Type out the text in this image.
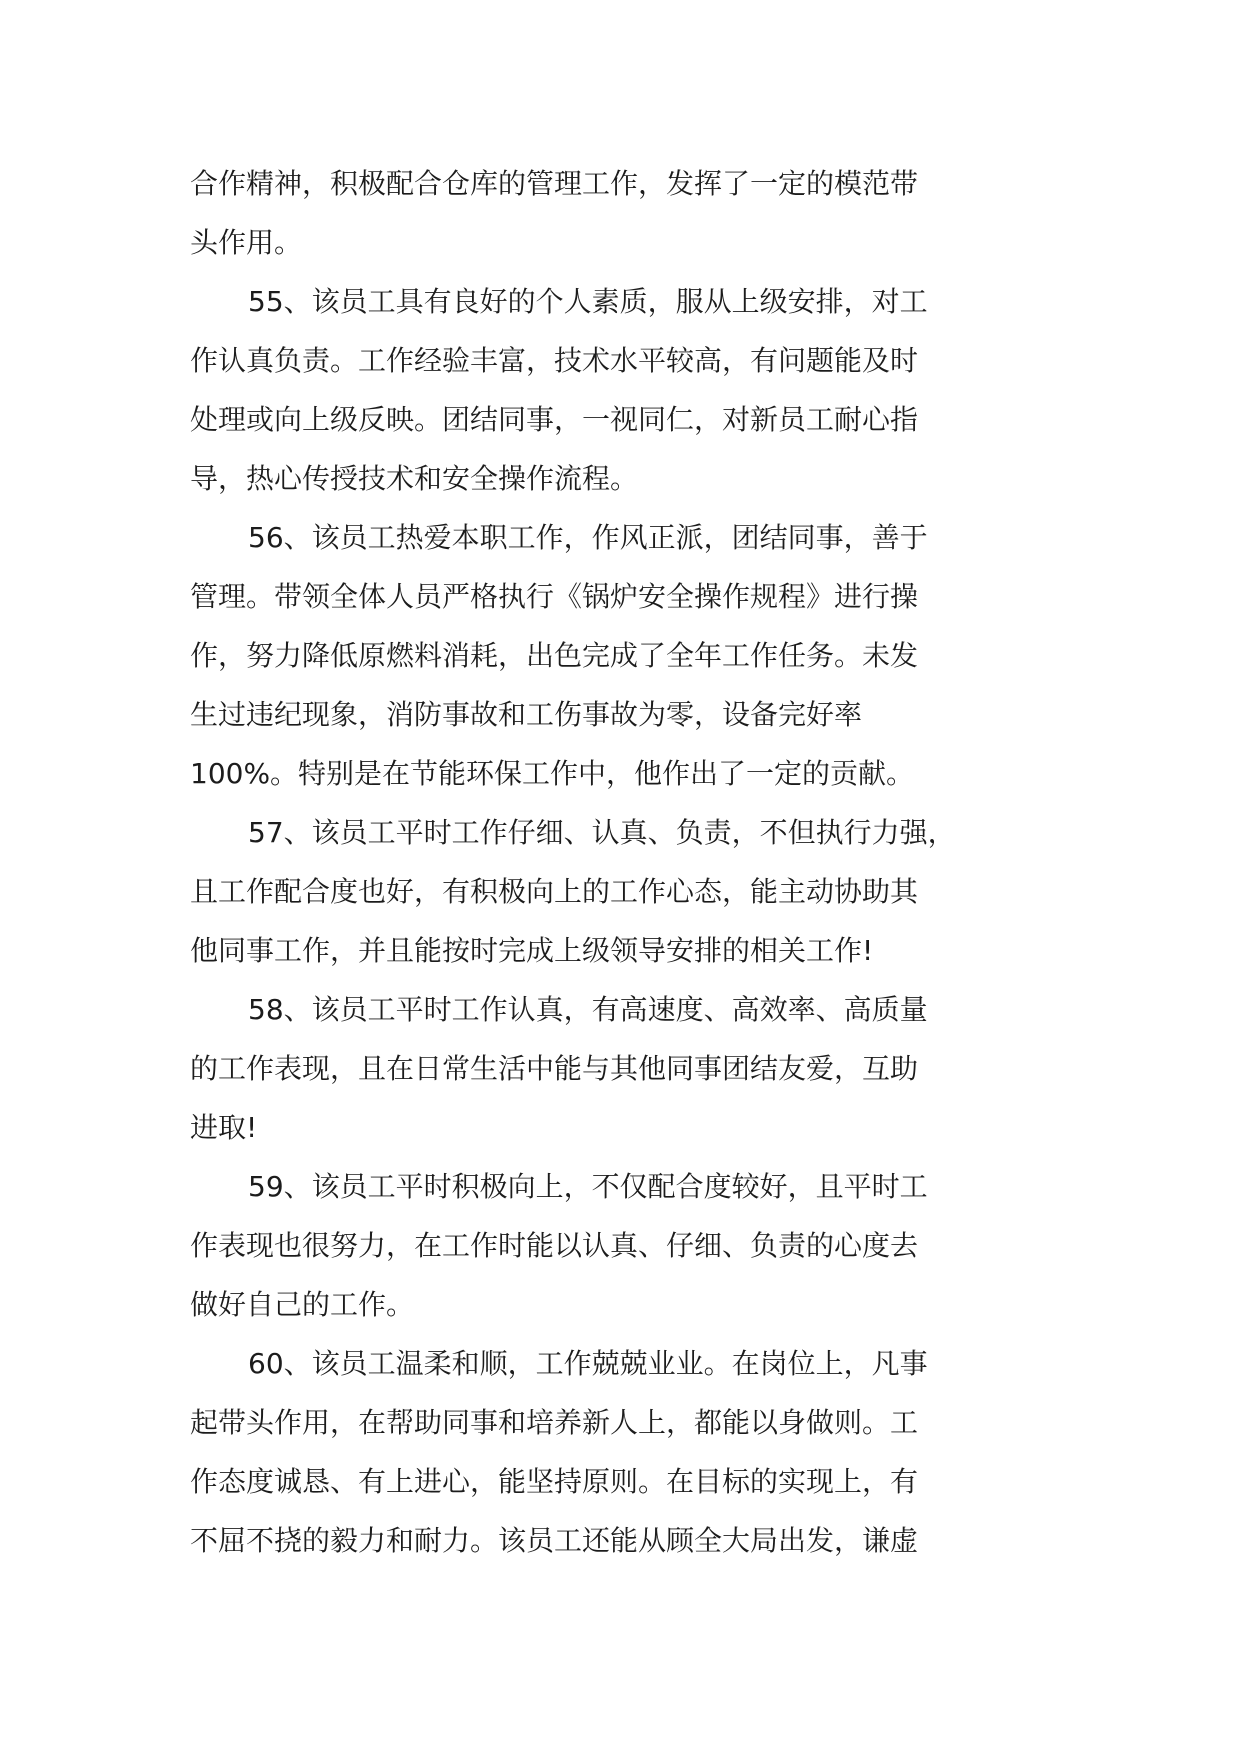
合作精神，积极配合仓库的管理工作，发挥了一定的模范带
头作用。
55、该员工具有良好的个人素质，服从上级安排，对工
作认真负责。工作经验丰富，技术水平较高，有问题能及时
处理或向上级反映。团结同事，一视同仁，对新员工耐心指
导，热心传授技术和安全操作流程。
56、该员工热爱本职工作，作风正派，团结同事，善于
管理。带领全体人员严格执行《锅炉安全操作规程》进行操
作，努力降低原燃料消耗，出色完成了全年工作任务。未发
生过违纪现象，消防事故和工伤事故为零，设备完好率
100%。特别是在节能环保工作中，他作出了一定的贡献。
57、该员工平时工作仔细、认真、负责，不但执行力强，
且工作配合度也好，有积极向上的工作心态，能主动协助其
他同事工作，并且能按时完成上级领导安排的相关工作!
58、该员工平时工作认真，有高速度、高效率、高质量
的工作表现，且在日常生活中能与其他同事团结友爱，互助
进取!
59、该员工平时积极向上，不仅配合度较好，且平时工
作表现也很努力，在工作时能以认真、仔细、负责的心度去
做好自己的工作。
60、该员工温柔和顺，工作兢兢业业。在岗位上，凡事
起带头作用，在帮助同事和培养新人上，都能以身做则。工
作态度诚恳、有上进心，能坚持原则。在目标的实现上，有
不屈不挠的毅力和耐力。该员工还能从顾全大局出发，谦虚
